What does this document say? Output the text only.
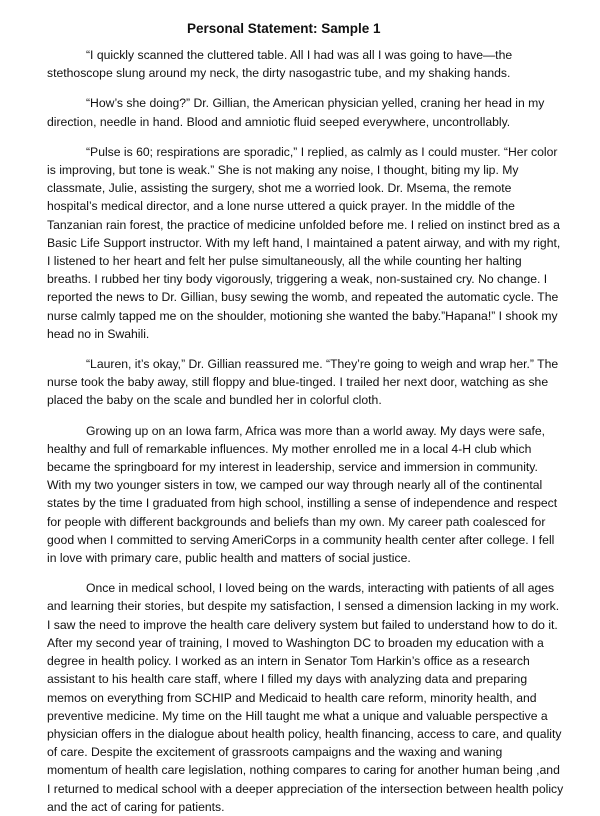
Personal Statement: Sample 1
“I quickly scanned the cluttered table. All I had was all I was going to have—the
stethoscope slung around my neck, the dirty nasogastric tube, and my shaking hands.
“How’s she doing?” Dr. Gillian, the American physician yelled, craning her head in my
direction, needle in hand. Blood and amniotic fluid seeped everywhere, uncontrollably.
“Pulse is 60; respirations are sporadic,” I replied, as calmly as I could muster. “Her color
is improving, but tone is weak.” She is not making any noise, I thought, biting my lip. My
classmate, Julie, assisting the surgery, shot me a worried look. Dr. Msema, the remote
hospital’s medical director, and a lone nurse uttered a quick prayer. In the middle of the
Tanzanian rain forest, the practice of medicine unfolded before me. I relied on instinct bred as a
Basic Life Support instructor. With my left hand, I maintained a patent airway, and with my right,
I listened to her heart and felt her pulse simultaneously, all the while counting her halting
breaths. I rubbed her tiny body vigorously, triggering a weak, non-sustained cry. No change. I
reported the news to Dr. Gillian, busy sewing the womb, and repeated the automatic cycle. The
nurse calmly tapped me on the shoulder, motioning she wanted the baby.”Hapana!” I shook my
head no in Swahili.
“Lauren, it’s okay,” Dr. Gillian reassured me. “They’re going to weigh and wrap her.” The
nurse took the baby away, still floppy and blue-tinged. I trailed her next door, watching as she
placed the baby on the scale and bundled her in colorful cloth.
Growing up on an Iowa farm, Africa was more than a world away. My days were safe,
healthy and full of remarkable influences. My mother enrolled me in a local 4-H club which
became the springboard for my interest in leadership, service and immersion in community.
With my two younger sisters in tow, we camped our way through nearly all of the continental
states by the time I graduated from high school, instilling a sense of independence and respect
for people with different backgrounds and beliefs than my own. My career path coalesced for
good when I committed to serving AmeriCorps in a community health center after college. I fell
in love with primary care, public health and matters of social justice.
Once in medical school, I loved being on the wards, interacting with patients of all ages
and learning their stories, but despite my satisfaction, I sensed a dimension lacking in my work.
I saw the need to improve the health care delivery system but failed to understand how to do it.
After my second year of training, I moved to Washington DC to broaden my education with a
degree in health policy. I worked as an intern in Senator Tom Harkin’s office as a research
assistant to his health care staff, where I filled my days with analyzing data and preparing
memos on everything from SCHIP and Medicaid to health care reform, minority health, and
preventive medicine. My time on the Hill taught me what a unique and valuable perspective a
physician offers in the dialogue about health policy, health financing, access to care, and quality
of care. Despite the excitement of grassroots campaigns and the waxing and waning
momentum of health care legislation, nothing compares to caring for another human being ,and
I returned to medical school with a deeper appreciation of the intersection between health policy
and the act of caring for patients.
